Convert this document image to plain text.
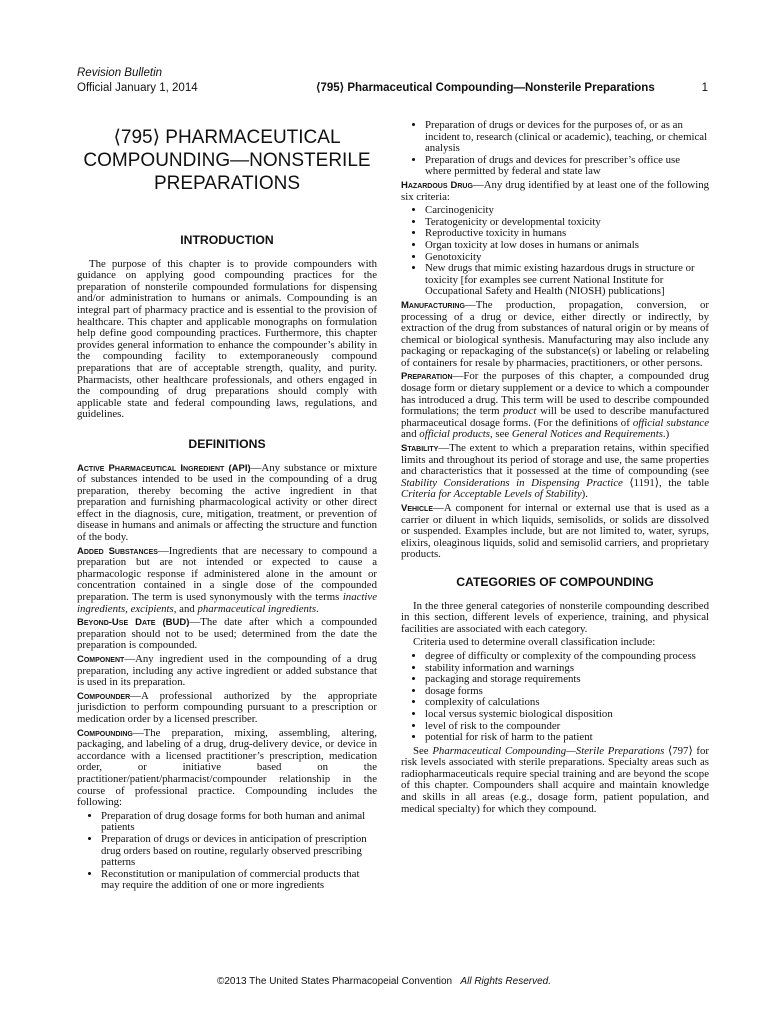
Revision Bulletin
Official January 1, 2014	⟨795⟩ Pharmaceutical Compounding—Nonsterile Preparations	1
⟨795⟩ PHARMACEUTICAL
COMPOUNDING—NONSTERILE
PREPARATIONS
INTRODUCTION

The purpose of this chapter is to provide compounders with guidance on applying good compounding practices for the preparation of nonsterile compounded formulations for dispensing and/or administration to humans or animals. Compounding is an integral part of pharmacy practice and is essential to the provision of healthcare. This chapter and applicable monographs on formulation help define good compounding practices. Furthermore, this chapter provides general information to enhance the compounder’s ability in the compounding facility to extemporaneously compound preparations that are of acceptable strength, quality, and purity. Pharmacists, other healthcare professionals, and others engaged in the compounding of drug preparations should comply with applicable state and federal compounding laws, regulations, and guidelines.

DEFINITIONS

Active Pharmaceutical Ingredient (API)—Any substance or mixture of substances intended to be used in the compounding of a drug preparation, thereby becoming the active ingredient in that preparation and furnishing pharmacological activity or other direct effect in the diagnosis, cure, mitigation, treatment, or prevention of disease in humans and animals or affecting the structure and function of the body.

Added Substances—Ingredients that are necessary to compound a preparation but are not intended or expected to cause a pharmacologic response if administered alone in the amount or concentration contained in a single dose of the compounded preparation. The term is used synonymously with the terms inactive ingredients, excipients, and pharmaceutical ingredients.

Beyond-Use Date (BUD)—The date after which a compounded preparation should not to be used; determined from the date the preparation is compounded.

Component—Any ingredient used in the compounding of a drug preparation, including any active ingredient or added substance that is used in its preparation.

Compounder—A professional authorized by the appropriate jurisdiction to perform compounding pursuant to a prescription or medication order by a licensed prescriber.

Compounding—The preparation, mixing, assembling, altering, packaging, and labeling of a drug, drug-delivery device, or device in accordance with a licensed practitioner’s prescription, medication order, or initiative based on the practitioner/patient/pharmacist/compounder relationship in the course of professional practice. Compounding includes the following:

• Preparation of drug dosage forms for both human and animal patients
• Preparation of drugs or devices in anticipation of prescription drug orders based on routine, regularly observed prescribing patterns
• Reconstitution or manipulation of commercial products that may require the addition of one or more ingredients
• Preparation of drugs or devices for the purposes of, or as an incident to, research (clinical or academic), teaching, or chemical analysis
• Preparation of drugs and devices for prescriber’s office use where permitted by federal and state law

Hazardous Drug—Any drug identified by at least one of the following six criteria:

• Carcinogenicity
• Teratogenicity or developmental toxicity
• Reproductive toxicity in humans
• Organ toxicity at low doses in humans or animals
• Genotoxicity
• New drugs that mimic existing hazardous drugs in structure or toxicity [for examples see current National Institute for Occupational Safety and Health (NIOSH) publications]

Manufacturing—The production, propagation, conversion, or processing of a drug or device, either directly or indirectly, by extraction of the drug from substances of natural origin or by means of chemical or biological synthesis. Manufacturing may also include any packaging or repackaging of the substance(s) or labeling or relabeling of containers for resale by pharmacies, practitioners, or other persons.

Preparation—For the purposes of this chapter, a compounded drug dosage form or dietary supplement or a device to which a compounder has introduced a drug. This term will be used to describe compounded formulations; the term product will be used to describe manufactured pharmaceutical dosage forms. (For the definitions of official substance and official products, see General Notices and Requirements.)

Stability—The extent to which a preparation retains, within specified limits and throughout its period of storage and use, the same properties and characteristics that it possessed at the time of compounding (see Stability Considerations in Dispensing Practice ⟨1191⟩, the table Criteria for Acceptable Levels of Stability).

Vehicle—A component for internal or external use that is used as a carrier or diluent in which liquids, semisolids, or solids are dissolved or suspended. Examples include, but are not limited to, water, syrups, elixirs, oleaginous liquids, solid and semisolid carriers, and proprietary products.

CATEGORIES OF COMPOUNDING

In the three general categories of nonsterile compounding described in this section, different levels of experience, training, and physical facilities are associated with each category.

Criteria used to determine overall classification include:

• degree of difficulty or complexity of the compounding process
• stability information and warnings
• packaging and storage requirements
• dosage forms
• complexity of calculations
• local versus systemic biological disposition
• level of risk to the compounder
• potential for risk of harm to the patient

See Pharmaceutical Compounding—Sterile Preparations ⟨797⟩ for risk levels associated with sterile preparations. Specialty areas such as radiopharmaceuticals require special training and are beyond the scope of this chapter. Compounders shall acquire and maintain knowledge and skills in all areas (e.g., dosage form, patient population, and medical specialty) for which they compound.

©2013 The United States Pharmacopeial Convention All Rights Reserved.
